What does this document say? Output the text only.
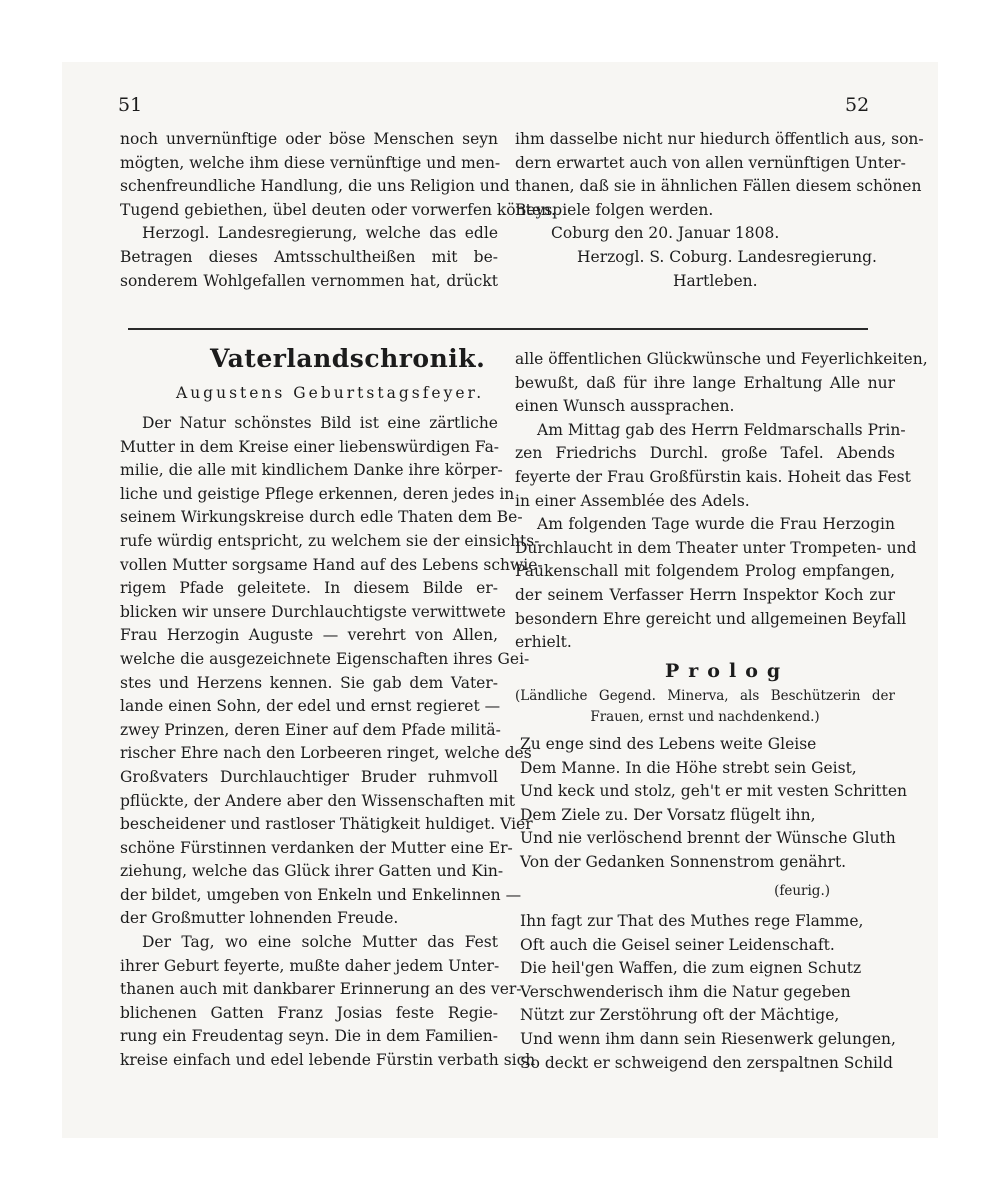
51	52
noch unvernünftige oder böse Menschen seyn
mögten, welche ihm diese vernünftige und men-
schenfreundliche Handlung, die uns Religion und
Tugend gebiethen, übel deuten oder vorwerfen könten.
Herzogl. Landesregierung, welche das edle
Betragen dieses Amtsschultheißen mit be-
sonderem Wohlgefallen vernommen hat, drückt
ihm dasselbe nicht nur hiedurch öffentlich aus, son-
dern erwartet auch von allen vernünftigen Unter-
thanen, daß sie in ähnlichen Fällen diesem schönen
Beyspiele folgen werden.
Coburg den 20. Januar 1808.
Herzogl. S. Coburg. Landesregierung.
Hartleben.
Vaterlandschronik.
Augustens Geburtstagsfeyer.
Der Natur schönstes Bild ist eine zärtliche
Mutter in dem Kreise einer liebenswürdigen Fa-
milie, die alle mit kindlichem Danke ihre körper-
liche und geistige Pflege erkennen, deren jedes in
seinem Wirkungskreise durch edle Thaten dem Be-
rufe würdig entspricht, zu welchem sie der einsichts-
vollen Mutter sorgsame Hand auf des Lebens schwie-
rigem Pfade geleitete. In diesem Bilde er-
blicken wir unsere Durchlauchtigste verwittwete
Frau Herzogin Auguste — verehrt von Allen,
welche die ausgezeichnete Eigenschaften ihres Gei-
stes und Herzens kennen. Sie gab dem Vater-
lande einen Sohn, der edel und ernst regieret —
zwey Prinzen, deren Einer auf dem Pfade militä-
rischer Ehre nach den Lorbeeren ringet, welche des
Großvaters Durchlauchtiger Bruder ruhmvoll
pflückte, der Andere aber den Wissenschaften mit
bescheidener und rastloser Thätigkeit huldiget. Vier
schöne Fürstinnen verdanken der Mutter eine Er-
ziehung, welche das Glück ihrer Gatten und Kin-
der bildet, umgeben von Enkeln und Enkelinnen —
der Großmutter lohnenden Freude.
Der Tag, wo eine solche Mutter das Fest
ihrer Geburt feyerte, mußte daher jedem Unter-
thanen auch mit dankbarer Erinnerung an des ver-
blichenen Gatten Franz Josias feste Regie-
rung ein Freudentag seyn. Die in dem Familien-
kreise einfach und edel lebende Fürstin verbath sich
alle öffentlichen Glückwünsche und Feyerlichkeiten,
bewußt, daß für ihre lange Erhaltung Alle nur
einen Wunsch aussprachen.
Am Mittag gab des Herrn Feldmarschalls Prin-
zen Friedrichs Durchl. große Tafel. Abends
feyerte der Frau Großfürstin kais. Hoheit das Fest
in einer Assemblée des Adels.
Am folgenden Tage wurde die Frau Herzogin
Durchlaucht in dem Theater unter Trompeten- und
Paukenschall mit folgendem Prolog empfangen,
der seinem Verfasser Herrn Inspektor Koch zur
besondern Ehre gereicht und allgemeinen Beyfall
erhielt.
Prolog
(Ländliche Gegend. Minerva, als Beschützerin der
Frauen, ernst und nachdenkend.)
Zu enge sind des Lebens weite Gleise
Dem Manne. In die Höhe strebt sein Geist,
Und keck und stolz, geh't er mit vesten Schritten
Dem Ziele zu. Der Vorsatz flügelt ihn,
Und nie verlöschend brennt der Wünsche Gluth
Von der Gedanken Sonnenstrom genährt.
(feurig.)
Ihn fagt zur That des Muthes rege Flamme,
Oft auch die Geisel seiner Leidenschaft.
Die heil'gen Waffen, die zum eignen Schutz
Verschwenderisch ihm die Natur gegeben
Nützt zur Zerstöhrung oft der Mächtige,
Und wenn ihm dann sein Riesenwerk gelungen,
So deckt er schweigend den zerspaltnen Schild
